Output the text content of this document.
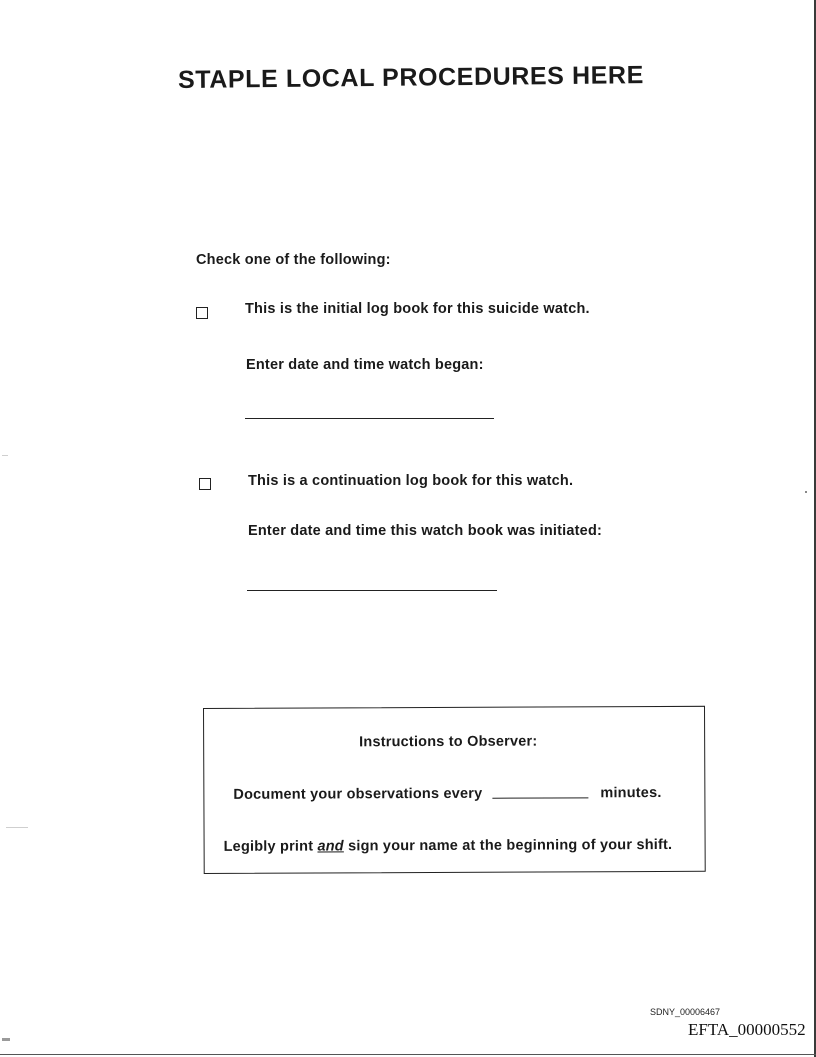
STAPLE LOCAL PROCEDURES HERE
Check one of the following:
This is the initial log book for this suicide watch.
Enter date and time watch began:
This is a continuation log book for this watch.
Enter date and time this watch book was initiated:
Instructions to Observer:
Document your observations every	minutes.
Legibly print and sign your name at the beginning of your shift.
SDNY_00006467
EFTA_00000552
